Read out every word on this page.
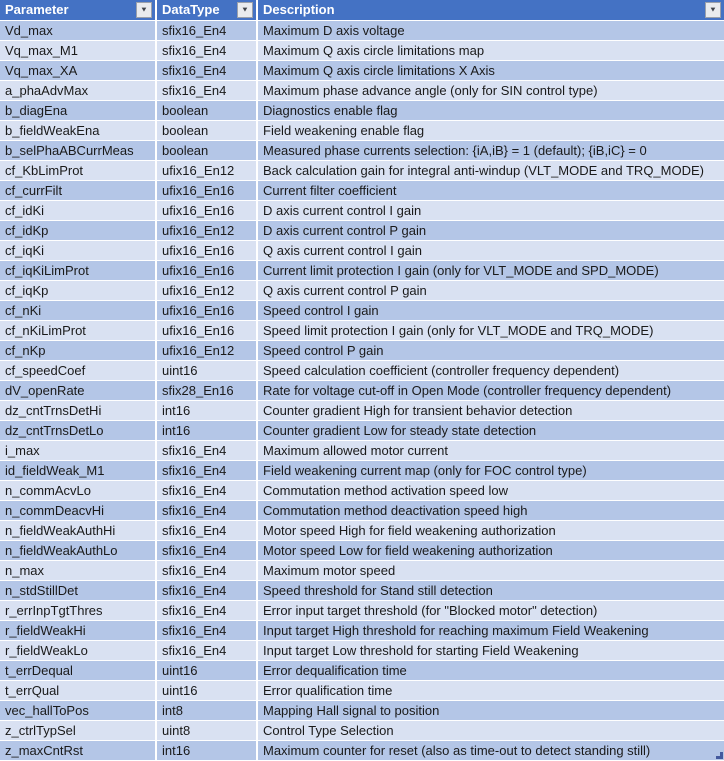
Parameter	▼	DataType	▼	Description	▼
Vd_max	sfix16_En4	Maximum D axis voltage
Vq_max_M1	sfix16_En4	Maximum Q axis circle limitations map
Vq_max_XA	sfix16_En4	Maximum Q axis circle limitations X Axis
a_phaAdvMax	sfix16_En4	Maximum phase advance angle (only for SIN control type)
b_diagEna	boolean	Diagnostics enable flag
b_fieldWeakEna	boolean	Field weakening enable flag
b_selPhaABCurrMeas	boolean	Measured phase currents selection: {iA,iB} = 1 (default); {iB,iC} = 0
cf_KbLimProt	ufix16_En12	Back calculation gain for integral anti-windup (VLT_MODE and TRQ_MODE)
cf_currFilt	ufix16_En16	Current filter coefficient
cf_idKi	ufix16_En16	D axis current control I gain
cf_idKp	ufix16_En12	D axis current control P gain
cf_iqKi	ufix16_En16	Q axis current control I gain
cf_iqKiLimProt	ufix16_En16	Current limit protection I gain (only for VLT_MODE and SPD_MODE)
cf_iqKp	ufix16_En12	Q axis current control P gain
cf_nKi	ufix16_En16	Speed control I gain
cf_nKiLimProt	ufix16_En16	Speed limit protection I gain (only for VLT_MODE and TRQ_MODE)
cf_nKp	ufix16_En12	Speed control P gain
cf_speedCoef	uint16	Speed calculation coefficient (controller frequency dependent)
dV_openRate	sfix28_En16	Rate for voltage cut-off in Open Mode (controller frequency dependent)
dz_cntTrnsDetHi	int16	Counter gradient High for transient behavior detection
dz_cntTrnsDetLo	int16	Counter gradient Low for steady state detection
i_max	sfix16_En4	Maximum allowed motor current
id_fieldWeak_M1	sfix16_En4	Field weakening current map (only for FOC control type)
n_commAcvLo	sfix16_En4	Commutation method activation speed low
n_commDeacvHi	sfix16_En4	Commutation method deactivation speed high
n_fieldWeakAuthHi	sfix16_En4	Motor speed High for field weakening authorization
n_fieldWeakAuthLo	sfix16_En4	Motor speed Low for field weakening authorization
n_max	sfix16_En4	Maximum motor speed
n_stdStillDet	sfix16_En4	Speed threshold for Stand still detection
r_errInpTgtThres	sfix16_En4	Error input target threshold (for "Blocked motor" detection)
r_fieldWeakHi	sfix16_En4	Input target High threshold for reaching maximum Field Weakening
r_fieldWeakLo	sfix16_En4	Input target Low threshold for starting Field Weakening
t_errDequal	uint16	Error dequalification time
t_errQual	uint16	Error qualification time
vec_hallToPos	int8	Mapping Hall signal to position
z_ctrlTypSel	uint8	Control Type Selection
z_maxCntRst	int16	Maximum counter for reset (also as time-out to detect standing still)
